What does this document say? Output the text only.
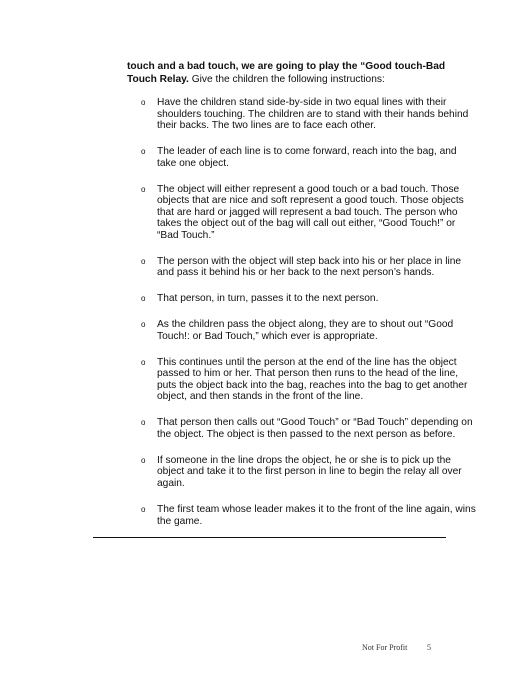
touch and a bad touch, we are going to play the “Good touch-Bad Touch Relay. Give the children the following instructions:

o Have the children stand side-by-side in two equal lines with their shoulders touching. The children are to stand with their hands behind their backs. The two lines are to face each other.
o The leader of each line is to come forward, reach into the bag, and take one object.
o The object will either represent a good touch or a bad touch. Those objects that are nice and soft represent a good touch. Those objects that are hard or jagged will represent a bad touch. The person who takes the object out of the bag will call out either, “Good Touch!” or “Bad Touch.”
o The person with the object will step back into his or her place in line and pass it behind his or her back to the next person’s hands.
o That person, in turn, passes it to the next person.
o As the children pass the object along, they are to shout out “Good Touch!: or Bad Touch,” which ever is appropriate.
o This continues until the person at the end of the line has the object passed to him or her. That person then runs to the head of the line, puts the object back into the bag, reaches into the bag to get another object, and then stands in the front of the line.
o That person then calls out “Good Touch” or “Bad Touch” depending on the object. The object is then passed to the next person as before.
o If someone in the line drops the object, he or she is to pick up the object and take it to the first person in line to begin the relay all over again.
o The first team whose leader makes it to the front of the line again, wins the game.
Not For Profit 5
